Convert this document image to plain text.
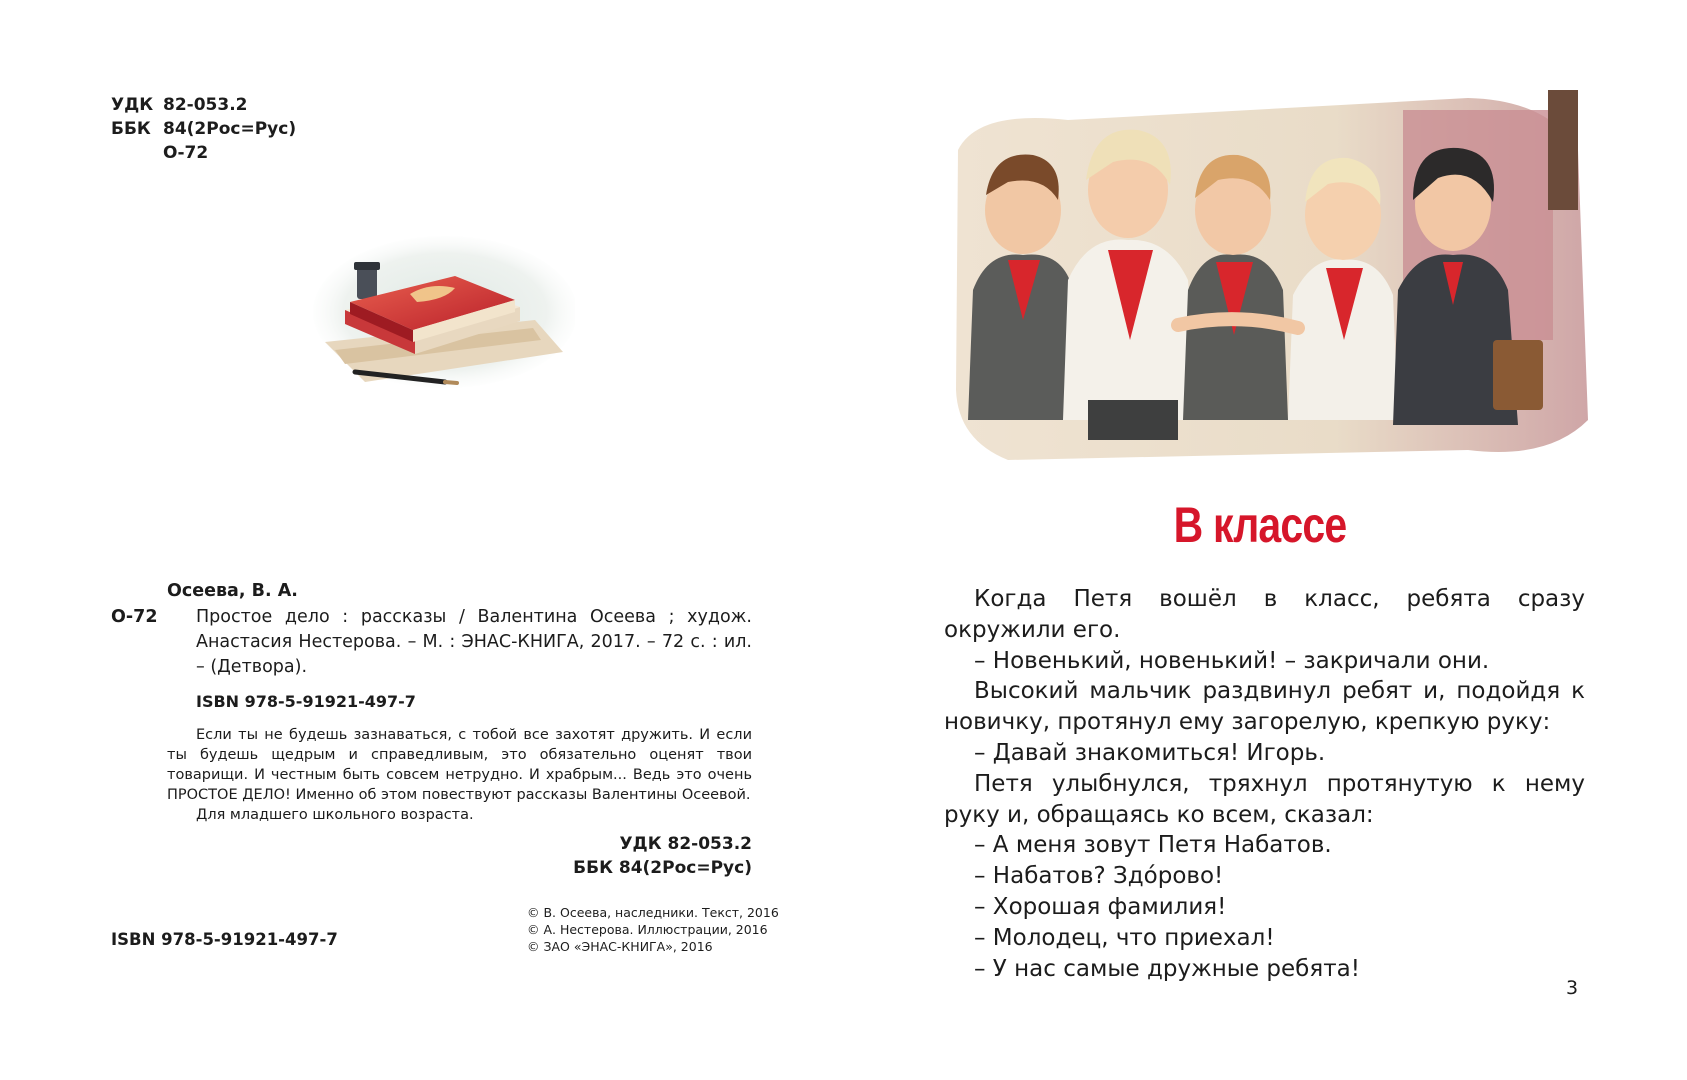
УДК 82-053.2
ББК 84(2Рос=Рус)
О-72
Осеева, В. А.
О-72 Простое дело : рассказы / Валентина Осеева ; худож. Анастасия Нестерова. – М. : ЭНАС-КНИГА, 2017. – 72 с. : ил. – (Детвора).
ISBN 978-5-91921-497-7

Если ты не будешь зазнаваться, с тобой все захотят дружить. И если ты будешь щедрым и справедливым, это обязательно оценят твои товарищи. И честным быть совсем нетрудно. И храбрым... Ведь это очень ПРОСТОЕ ДЕЛО! Именно об этом повествуют рассказы Валентины Осеевой.

Для младшего школьного возраста.

УДК 82-053.2
ББК 84(2Рос=Рус)
ISBN 978-5-91921-497-7
© В. Осеева, наследники. Текст, 2016
© А. Нестерова. Иллюстрации, 2016
© ЗАО «ЭНАС-КНИГА», 2016
В классе

Когда Петя вошёл в класс, ребята сразу окружили его.

– Новенький, новенький! – закричали они.

Высокий мальчик раздвинул ребят и, подойдя к новичку, протянул ему загорелую, крепкую руку:

– Давай знакомиться! Игорь.

Петя улыбнулся, тряхнул протянутую к нему руку и, обращаясь ко всем, сказал:

– А меня зовут Петя Набатов.

– Набатов? Здо́рово!

– Хорошая фамилия!

– Молодец, что приехал!

– У нас самые дружные ребята!

3
